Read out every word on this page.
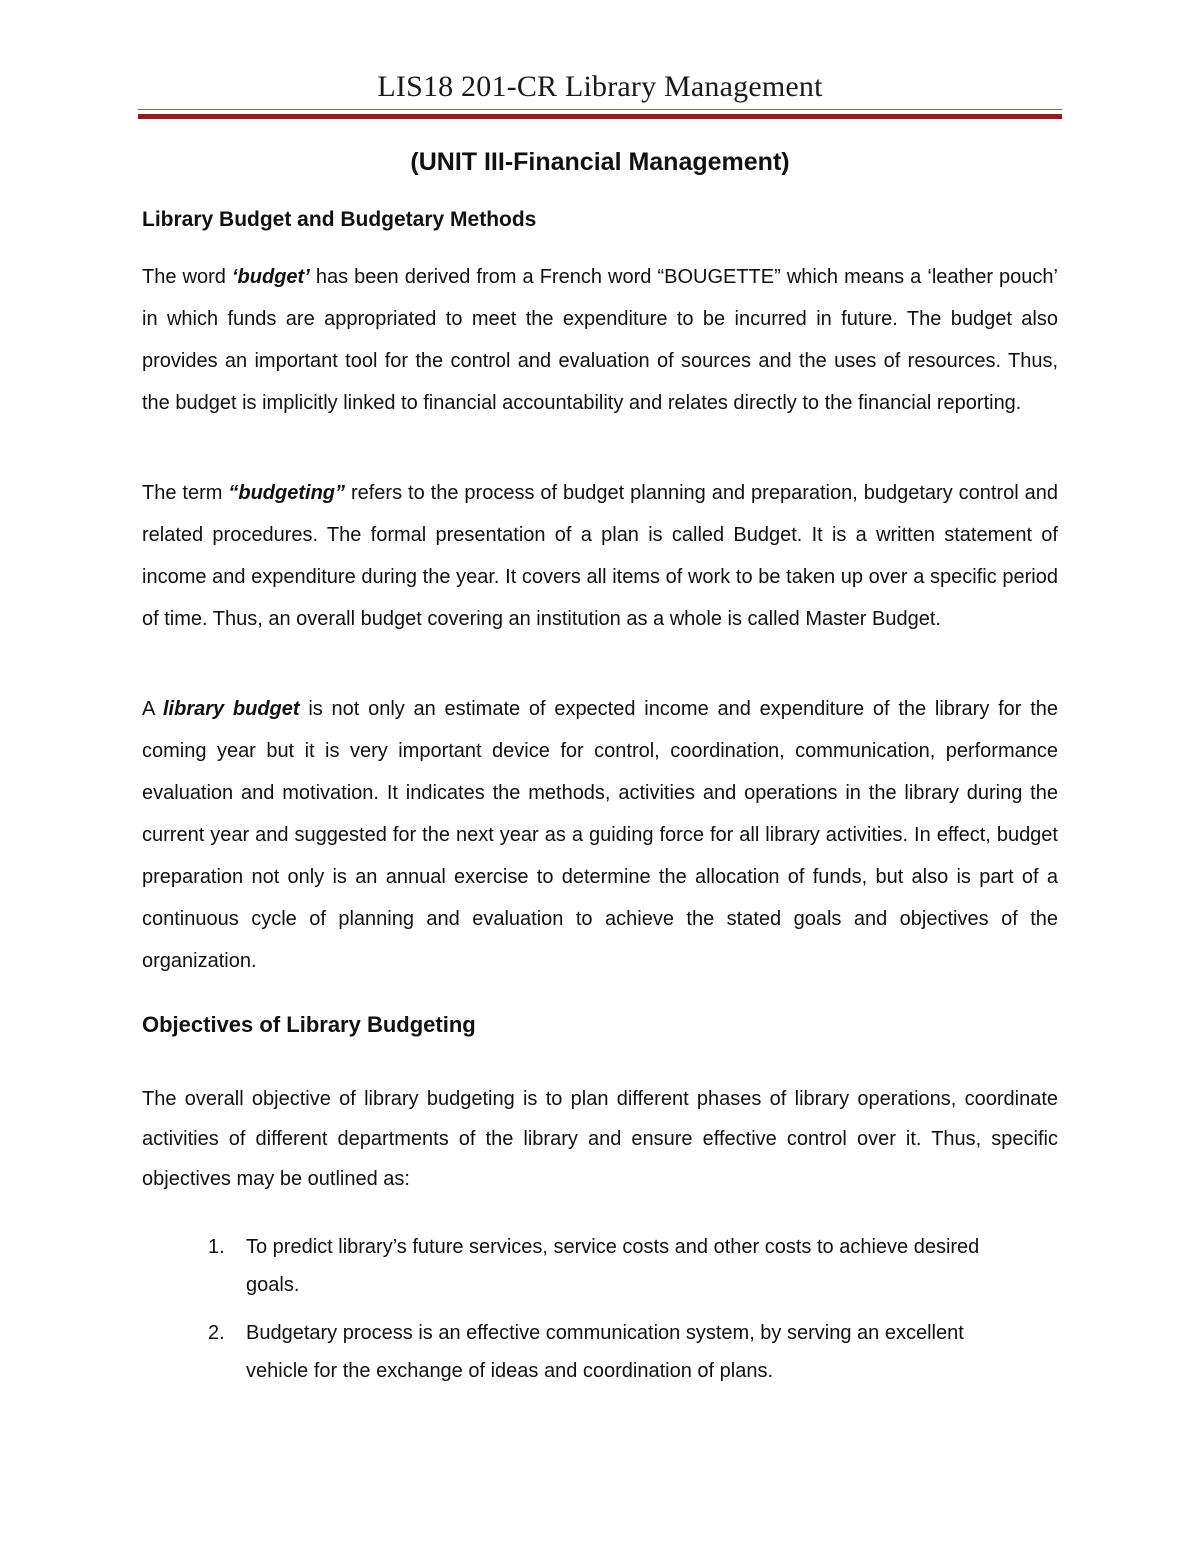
LIS18 201-CR Library Management
(UNIT III-Financial Management)
Library Budget and Budgetary Methods

The word ‘budget’ has been derived from a French word “BOUGETTE” which means a ‘leather pouch’ in which funds are appropriated to meet the expenditure to be incurred in future. The budget also provides an important tool for the control and evaluation of sources and the uses of resources. Thus, the budget is implicitly linked to financial accountability and relates directly to the financial reporting.

The term “budgeting” refers to the process of budget planning and preparation, budgetary control and related procedures. The formal presentation of a plan is called Budget. It is a written statement of income and expenditure during the year. It covers all items of work to be taken up over a specific period of time. Thus, an overall budget covering an institution as a whole is called Master Budget.

A library budget is not only an estimate of expected income and expenditure of the library for the coming year but it is very important device for control, coordination, communication, performance evaluation and motivation. It indicates the methods, activities and operations in the library during the current year and suggested for the next year as a guiding force for all library activities. In effect, budget preparation not only is an annual exercise to determine the allocation of funds, but also is part of a continuous cycle of planning and evaluation to achieve the stated goals and objectives of the organization.

Objectives of Library Budgeting

The overall objective of library budgeting is to plan different phases of library operations, coordinate activities of different departments of the library and ensure effective control over it. Thus, specific objectives may be outlined as:

1. To predict library’s future services, service costs and other costs to achieve desired goals.
2. Budgetary process is an effective communication system, by serving an excellent vehicle for the exchange of ideas and coordination of plans.
